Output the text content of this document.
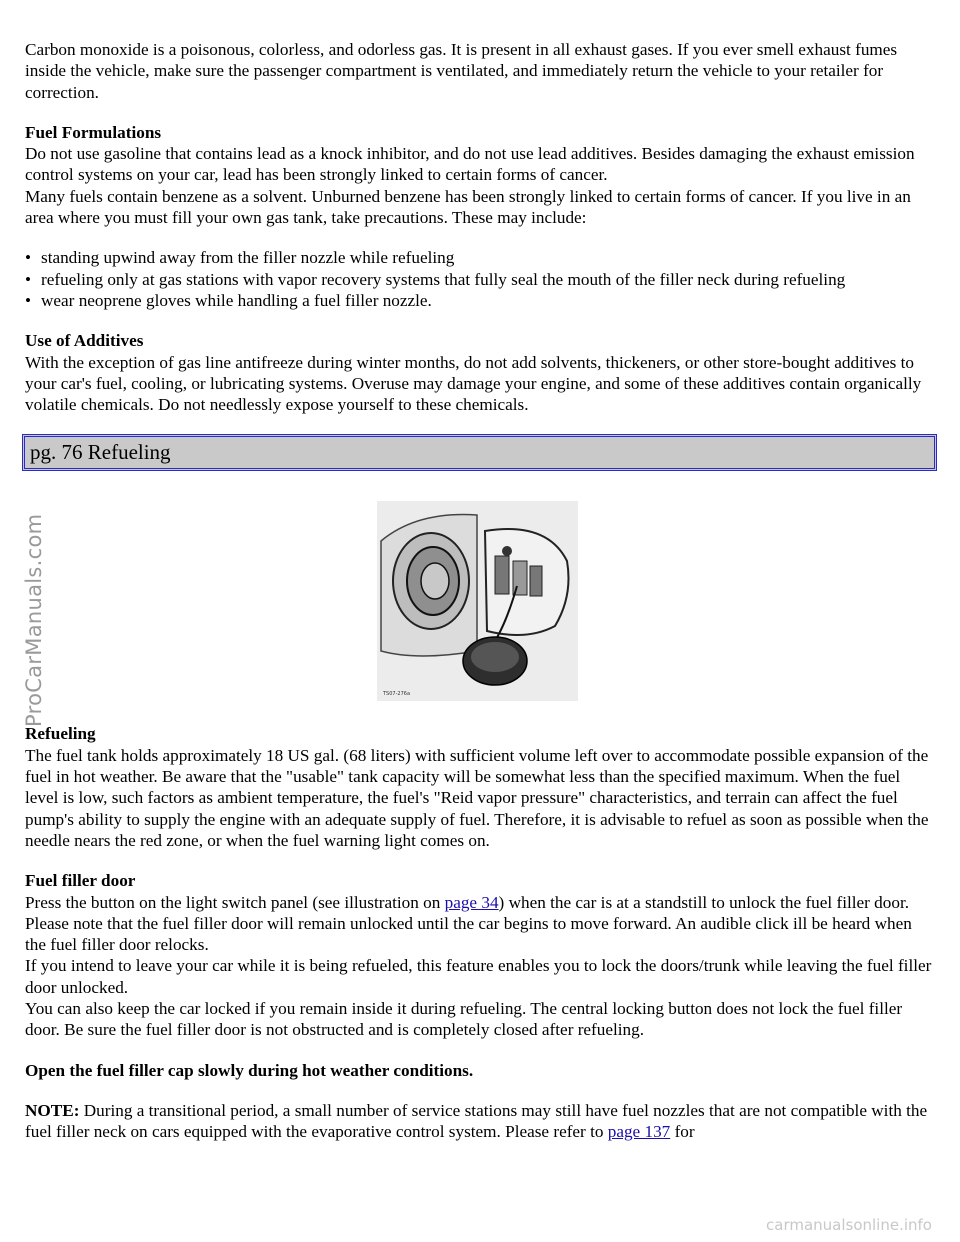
ProCarManuals.com

Carbon monoxide is a poisonous, colorless, and odorless gas. It is present in all exhaust gases. If you ever smell exhaust fumes inside the vehicle, make sure the passenger compartment is ventilated, and immediately return the vehicle to your retailer for correction.

Fuel Formulations
Do not use gasoline that contains lead as a knock inhibitor, and do not use lead additives. Besides damaging the exhaust emission control systems on your car, lead has been strongly linked to certain forms of cancer.

Many fuels contain benzene as a solvent. Unburned benzene has been strongly linked to certain forms of cancer. If you live in an area where you must fill your own gas tank, take precautions. These may include:

• standing upwind away from the filler nozzle while refueling
• refueling only at gas stations with vapor recovery systems that fully seal the mouth of the filler neck during refueling
• wear neoprene gloves while handling a fuel filler nozzle.
Use of Additives

With the exception of gas line antifreeze during winter months, do not add solvents, thickeners, or other store-bought additives to your car's fuel, cooling, or lubricating systems. Overuse may damage your engine, and some of these additives contain organically volatile chemicals. Do not needlessly expose yourself to these chemicals.

pg. 76 Refueling
TS07-276a
Refueling

The fuel tank holds approximately 18 US gal. (68 liters) with sufficient volume left over to accommodate possible expansion of the fuel in hot weather. Be aware that the "usable" tank capacity will be somewhat less than the specified maximum. When the fuel level is low, such factors as ambient temperature, the fuel's "Reid vapor pressure" characteristics, and terrain can affect the fuel pump's ability to supply the engine with an adequate supply of fuel. Therefore, it is advisable to refuel as soon as possible when the needle nears the red zone, or when the fuel warning light comes on.

Fuel filler door
Press the button on the light switch panel (see illustration on page 34) when the car is at a standstill to unlock the fuel filler door. Please note that the fuel filler door will remain unlocked until the car begins to move forward. An audible click ill be heard when the fuel filler door relocks.
If you intend to leave your car while it is being refueled, this feature enables you to lock the doors/trunk while leaving the fuel filler door unlocked.

You can also keep the car locked if you remain inside it during refueling. The central locking button does not lock the fuel filler door. Be sure the fuel filler door is not obstructed and is completely closed after refueling.

Open the fuel filler cap slowly during hot weather conditions.

NOTE: During a transitional period, a small number of service stations may still have fuel nozzles that are not compatible with the fuel filler neck on cars equipped with the evaporative control system. Please refer to page 137 for

carmanualsonline.info
